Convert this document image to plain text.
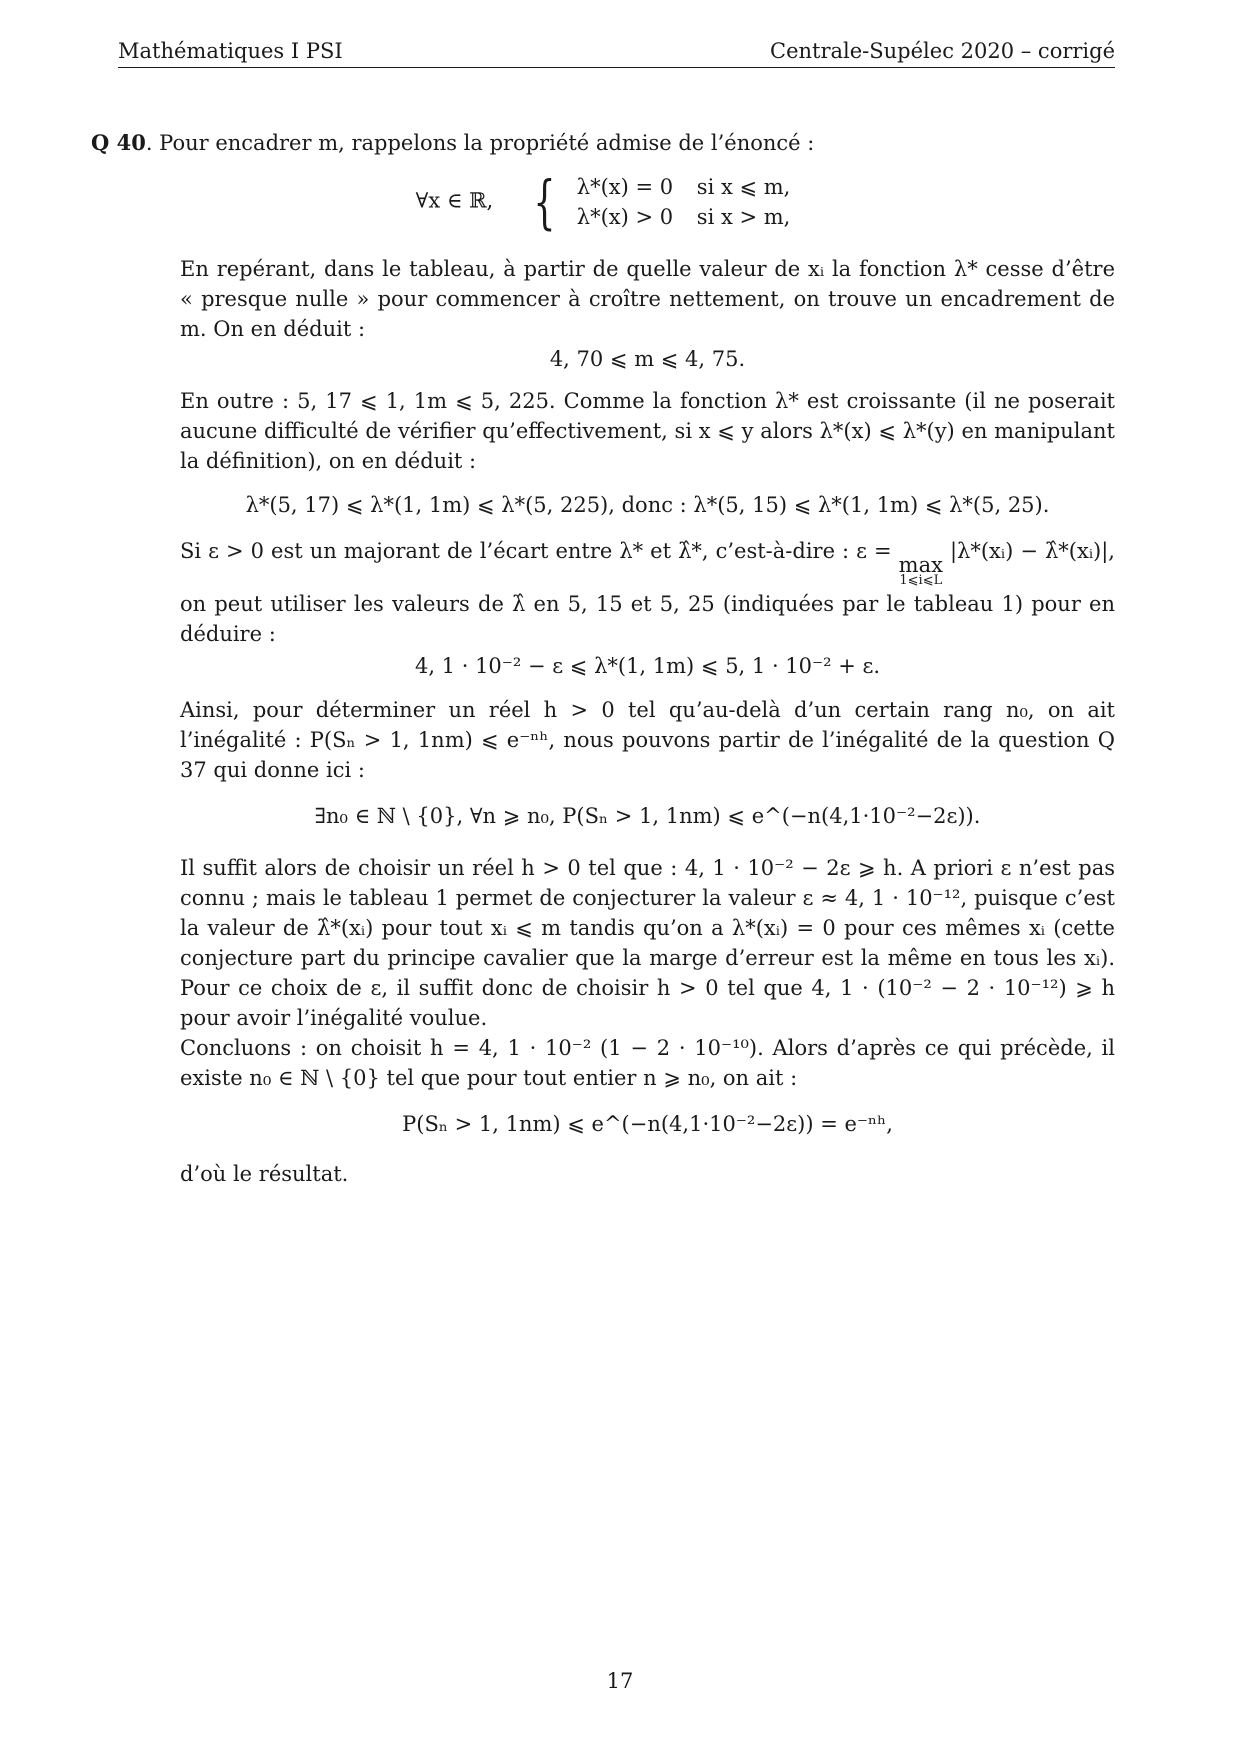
Mathématiques I PSI	Centrale-Supélec 2020 – corrigé

Q 40. Pour encadrer m, rappelons la propriété admise de l’énoncé :

∀x ∈ ℝ, { λ*(x) = 0 si x ⩽ m,
λ*(x) > 0 si x > m,

En repérant, dans le tableau, à partir de quelle valeur de xᵢ la fonction λ* cesse d’être « presque nulle » pour commencer à croître nettement, on trouve un encadrement de m. On en déduit :

4, 70 ⩽ m ⩽ 4, 75.

En outre : 5, 17 ⩽ 1, 1m ⩽ 5, 225. Comme la fonction λ* est croissante (il ne poserait aucune difficulté de vérifier qu’effectivement, si x ⩽ y alors λ*(x) ⩽ λ*(y) en manipulant la définition), on en déduit :

λ*(5, 17) ⩽ λ*(1, 1m) ⩽ λ*(5, 225), donc : λ*(5, 15) ⩽ λ*(1, 1m) ⩽ λ*(5, 25).

Si ε > 0 est un majorant de l’écart entre λ* et λ̂*, c’est-à-dire : ε =
max
1⩽i⩽L
|λ*(xᵢ) − λ̂*(xᵢ)|, on peut utiliser les valeurs de λ̂ en 5, 15 et 5, 25 (indiquées par le tableau 1) pour en déduire :

4, 1 · 10⁻² − ε ⩽ λ*(1, 1m) ⩽ 5, 1 · 10⁻² + ε.

Ainsi, pour déterminer un réel h > 0 tel qu’au-delà d’un certain rang n₀, on ait l’inégalité : P(Sₙ > 1, 1nm) ⩽ e⁻ⁿʰ, nous pouvons partir de l’inégalité de la question Q 37 qui donne ici :

∃n₀ ∈ ℕ \ {0}, ∀n ⩾ n₀, P(Sₙ > 1, 1nm) ⩽ e^(−n(4,1·10⁻²−2ε)).

Il suffit alors de choisir un réel h > 0 tel que : 4, 1 · 10⁻² − 2ε ⩾ h. A priori ε n’est pas connu ; mais le tableau 1 permet de conjecturer la valeur ε ≈ 4, 1 · 10⁻¹², puisque c’est la valeur de λ̂*(xᵢ) pour tout xᵢ ⩽ m tandis qu’on a λ*(xᵢ) = 0 pour ces mêmes xᵢ (cette conjecture part du principe cavalier que la marge d’erreur est la même en tous les xᵢ). Pour ce choix de ε, il suffit donc de choisir h > 0 tel que 4, 1 · (10⁻² − 2 · 10⁻¹²) ⩾ h pour avoir l’inégalité voulue.

Concluons : on choisit h = 4, 1 · 10⁻² (1 − 2 · 10⁻¹⁰). Alors d’après ce qui précède, il existe n₀ ∈ ℕ \ {0} tel que pour tout entier n ⩾ n₀, on ait :

P(Sₙ > 1, 1nm) ⩽ e^(−n(4,1·10⁻²−2ε)) = e⁻ⁿʰ,

d’où le résultat.

17
